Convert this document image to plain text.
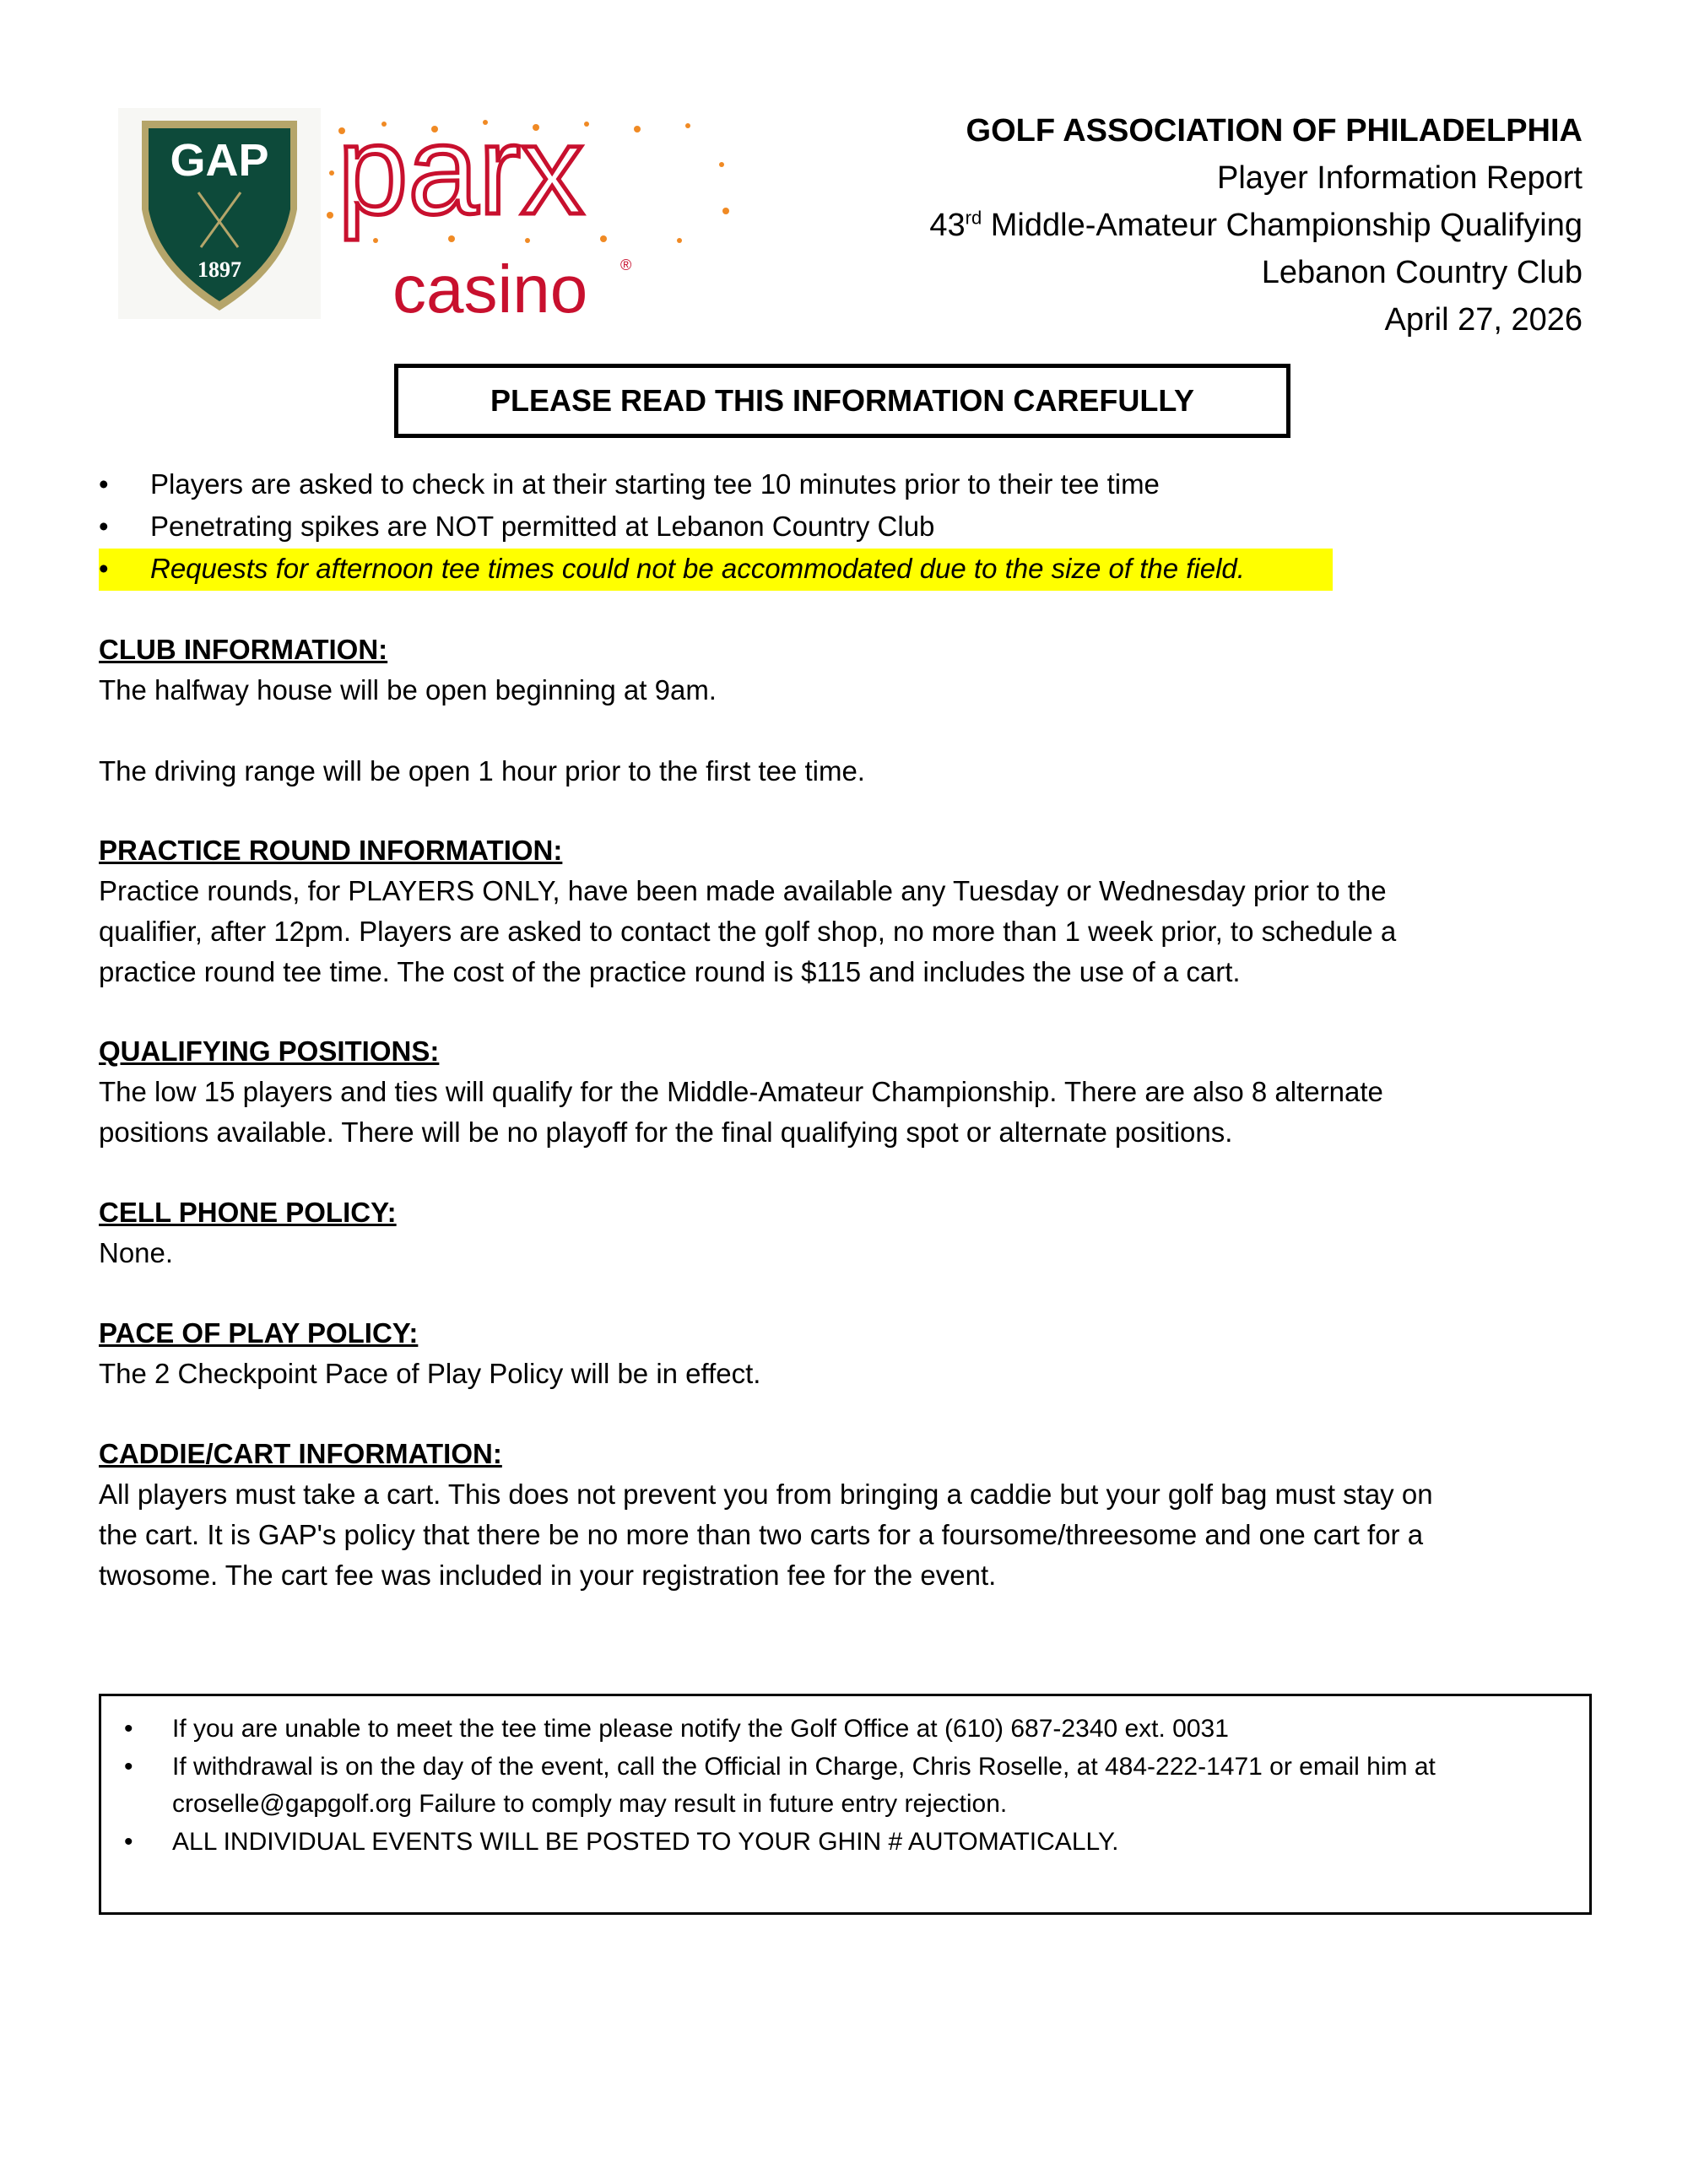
GAP
1897
parx
casino ®
GOLF ASSOCIATION OF PHILADELPHIA
Player Information Report
43rd Middle-Amateur Championship Qualifying
Lebanon Country Club
April 27, 2026
PLEASE READ THIS INFORMATION CAREFULLY
• Players are asked to check in at their starting tee 10 minutes prior to their tee time
• Penetrating spikes are NOT permitted at Lebanon Country Club
• Requests for afternoon tee times could not be accommodated due to the size of the field.
CLUB INFORMATION:
The halfway house will be open beginning at 9am.
The driving range will be open 1 hour prior to the first tee time.
PRACTICE ROUND INFORMATION:
Practice rounds, for PLAYERS ONLY, have been made available any Tuesday or Wednesday prior to the
qualifier, after 12pm. Players are asked to contact the golf shop, no more than 1 week prior, to schedule a
practice round tee time. The cost of the practice round is $115 and includes the use of a cart.
QUALIFYING POSITIONS:
The low 15 players and ties will qualify for the Middle-Amateur Championship. There are also 8 alternate
positions available. There will be no playoff for the final qualifying spot or alternate positions.
CELL PHONE POLICY:
None.
PACE OF PLAY POLICY:
The 2 Checkpoint Pace of Play Policy will be in effect.
CADDIE/CART INFORMATION:
All players must take a cart. This does not prevent you from bringing a caddie but your golf bag must stay on
the cart. It is GAP's policy that there be no more than two carts for a foursome/threesome and one cart for a
twosome. The cart fee was included in your registration fee for the event.
• If you are unable to meet the tee time please notify the Golf Office at (610) 687-2340 ext. 0031
• If withdrawal is on the day of the event, call the Official in Charge, Chris Roselle, at 484-222-1471 or email him at
croselle@gapgolf.org Failure to comply may result in future entry rejection.
• ALL INDIVIDUAL EVENTS WILL BE POSTED TO YOUR GHIN # AUTOMATICALLY.
